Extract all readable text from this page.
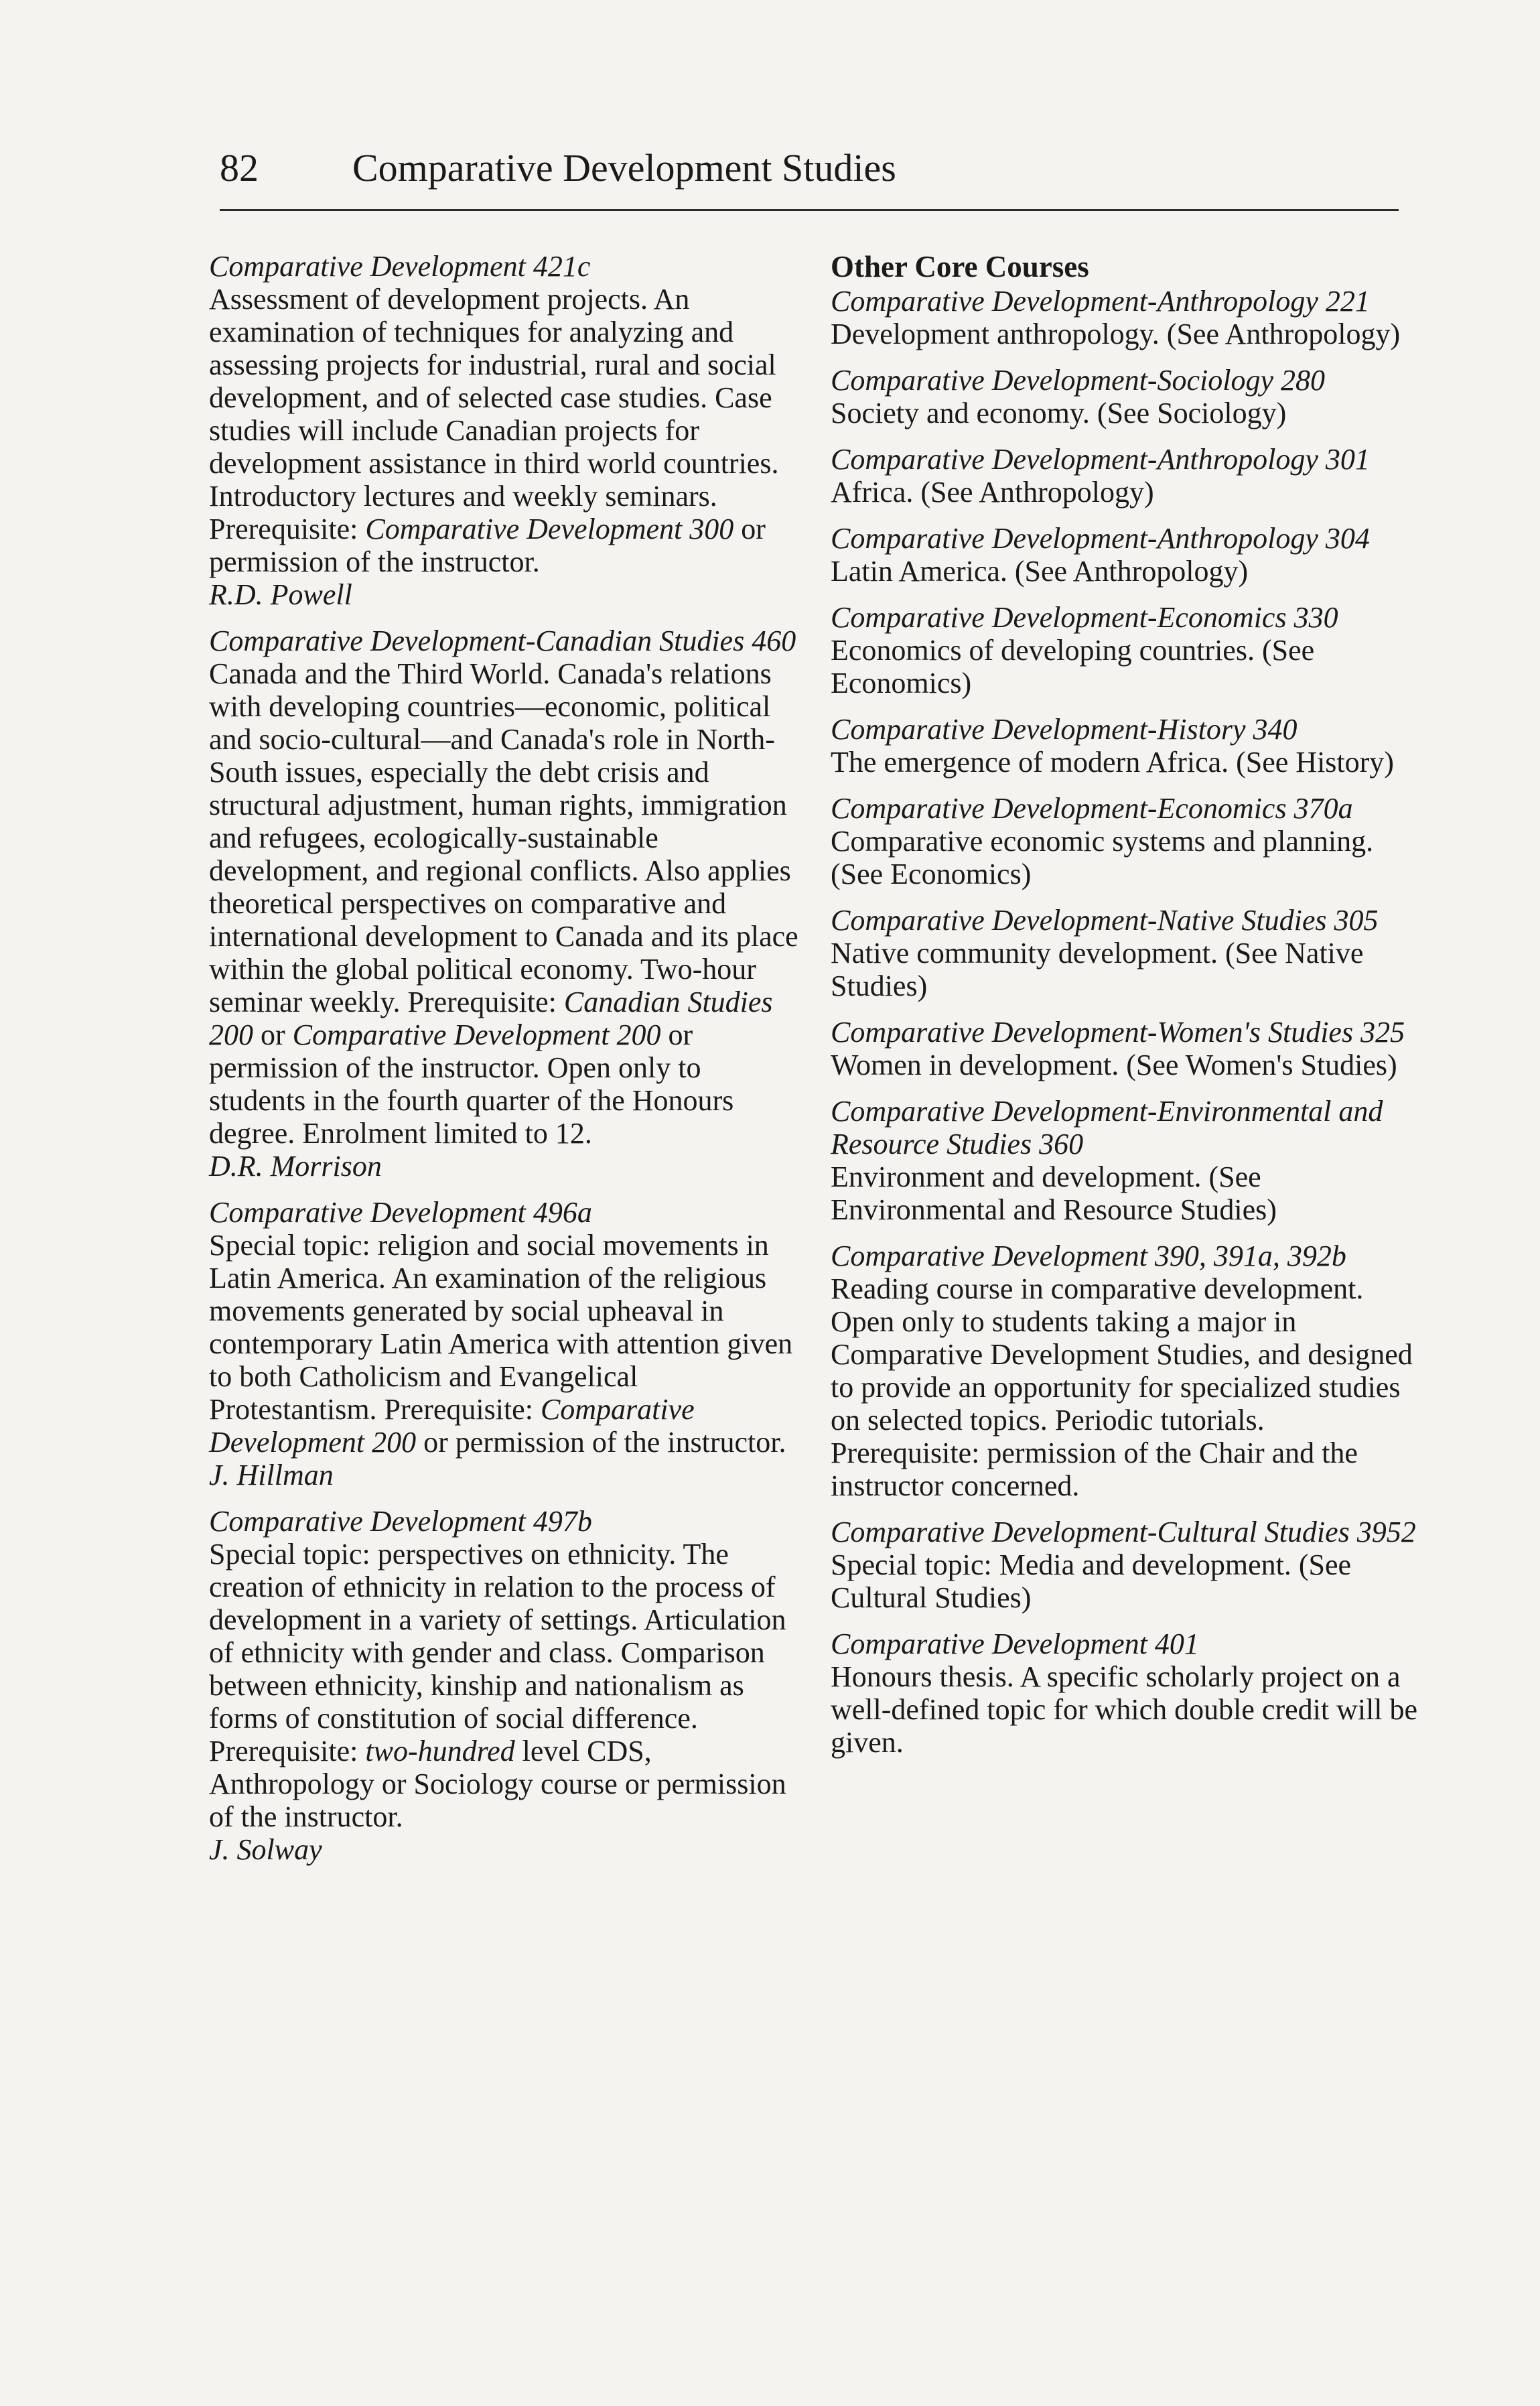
82 Comparative Development Studies
Comparative Development 421c
Assessment of development projects. An examination of techniques for analyzing and assessing projects for industrial, rural and social development, and of selected case studies. Case studies will include Canadian projects for development assistance in third world countries. Introductory lectures and weekly seminars. Prerequisite: Comparative Development 300 or permission of the instructor.
R.D. Powell
Comparative Development-Canadian Studies 460
Canada and the Third World. Canada's relations with developing countries—economic, political and socio-cultural—and Canada's role in North-South issues, especially the debt crisis and structural adjustment, human rights, immigration and refugees, ecologically-sustainable development, and regional conflicts. Also applies theoretical perspectives on comparative and international development to Canada and its place within the global political economy. Two-hour seminar weekly. Prerequisite: Canadian Studies 200 or Comparative Development 200 or permission of the instructor. Open only to students in the fourth quarter of the Honours degree. Enrolment limited to 12.
D.R. Morrison
Comparative Development 496a
Special topic: religion and social movements in Latin America. An examination of the religious movements generated by social upheaval in contemporary Latin America with attention given to both Catholicism and Evangelical Protestantism. Prerequisite: Comparative Development 200 or permission of the instructor.
J. Hillman
Comparative Development 497b
Special topic: perspectives on ethnicity. The creation of ethnicity in relation to the process of development in a variety of settings. Articulation of ethnicity with gender and class. Comparison between ethnicity, kinship and nationalism as forms of constitution of social difference. Prerequisite: two-hundred level CDS, Anthropology or Sociology course or permission of the instructor.
J. Solway
Other Core Courses
Comparative Development-Anthropology 221
Development anthropology. (See Anthropology)
Comparative Development-Sociology 280
Society and economy. (See Sociology)
Comparative Development-Anthropology 301
Africa. (See Anthropology)
Comparative Development-Anthropology 304
Latin America. (See Anthropology)
Comparative Development-Economics 330
Economics of developing countries. (See Economics)
Comparative Development-History 340
The emergence of modern Africa. (See History)
Comparative Development-Economics 370a
Comparative economic systems and planning. (See Economics)
Comparative Development-Native Studies 305
Native community development. (See Native Studies)
Comparative Development-Women's Studies 325
Women in development. (See Women's Studies)
Comparative Development-Environmental and Resource Studies 360
Environment and development. (See Environmental and Resource Studies)
Comparative Development 390, 391a, 392b
Reading course in comparative development. Open only to students taking a major in Comparative Development Studies, and designed to provide an opportunity for specialized studies on selected topics. Periodic tutorials. Prerequisite: permission of the Chair and the instructor concerned.
Comparative Development-Cultural Studies 3952
Special topic: Media and development. (See Cultural Studies)
Comparative Development 401
Honours thesis. A specific scholarly project on a well-defined topic for which double credit will be given.
